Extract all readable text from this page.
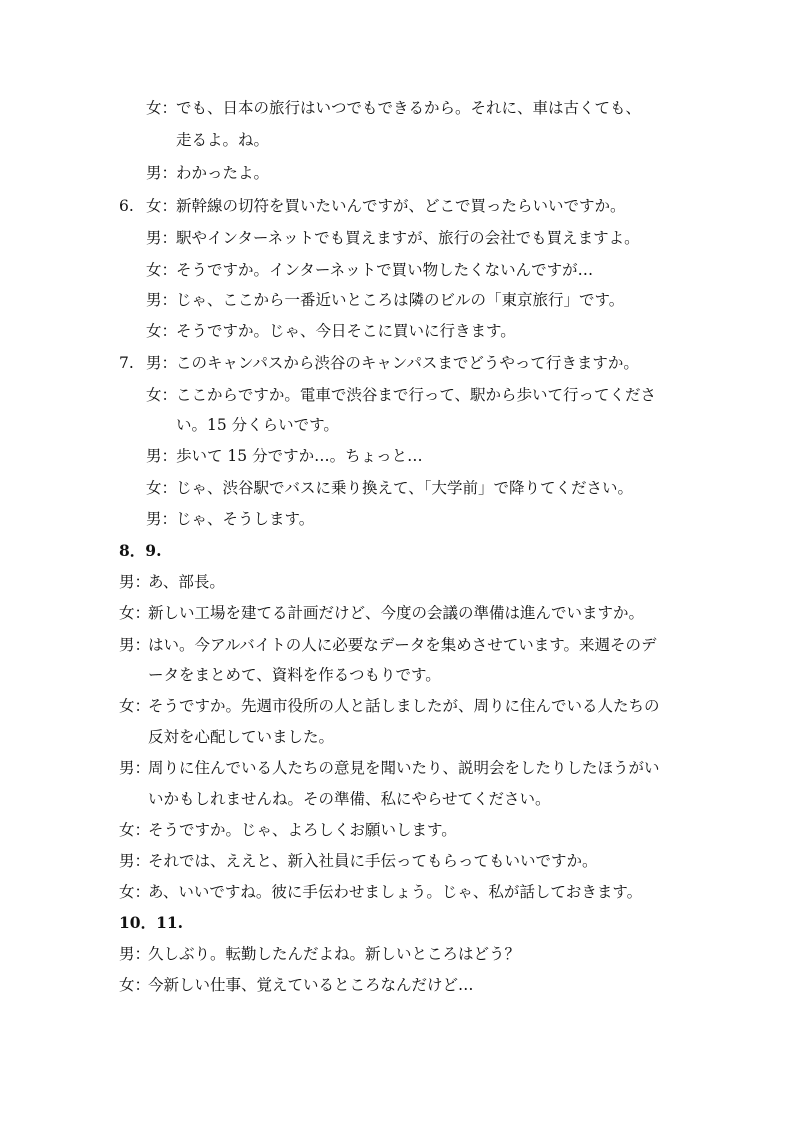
女：
でも、日本の旅行はいつでもできるから。それに、車は古くても、
走るよ。ね。
男：
わかったよ。
6. 女：
新幹線の切符を買いたいんですが、どこで買ったらいいですか。
男：
駅やインターネットでも買えますが、旅行の会社でも買えますよ。
女：
そうですか。インターネットで買い物したくないんですが…
男：
じゃ、ここから一番近いところは隣のビルの「東京旅行」です。
女：
そうですか。じゃ、今日そこに買いに行きます。
7. 男：
このキャンパスから渋谷のキャンパスまでどうやって行きますか。
女：
ここからですか。電車で渋谷まで行って、駅から歩いて行ってくださ
い。15 分くらいです。
男：
歩いて 15 分ですか…。ちょっと…
女：
じゃ、渋谷駅でバスに乗り換えて、「大学前」で降りてください。
男：
じゃ、そうします。
8．9.
男：
あ、部長。
女：
新しい工場を建てる計画だけど、今度の会議の準備は進んでいますか。
男：
はい。今アルバイトの人に必要なデータを集めさせています。来週そのデ
ータをまとめて、資料を作るつもりです。
女：
そうですか。先週市役所の人と話しましたが、周りに住んでいる人たちの
反対を心配していました。
男：
周りに住んでいる人たちの意見を聞いたり、説明会をしたりしたほうがい
いかもしれませんね。その準備、私にやらせてください。
女：
そうですか。じゃ、よろしくお願いします。
男：
それでは、ええと、新入社員に手伝ってもらってもいいですか。
女：
あ、いいですね。彼に手伝わせましょう。じゃ、私が話しておきます。
10．11.
男：
久しぶり。転勤したんだよね。新しいところはどう？
女：
今新しい仕事、覚えているところなんだけど…
